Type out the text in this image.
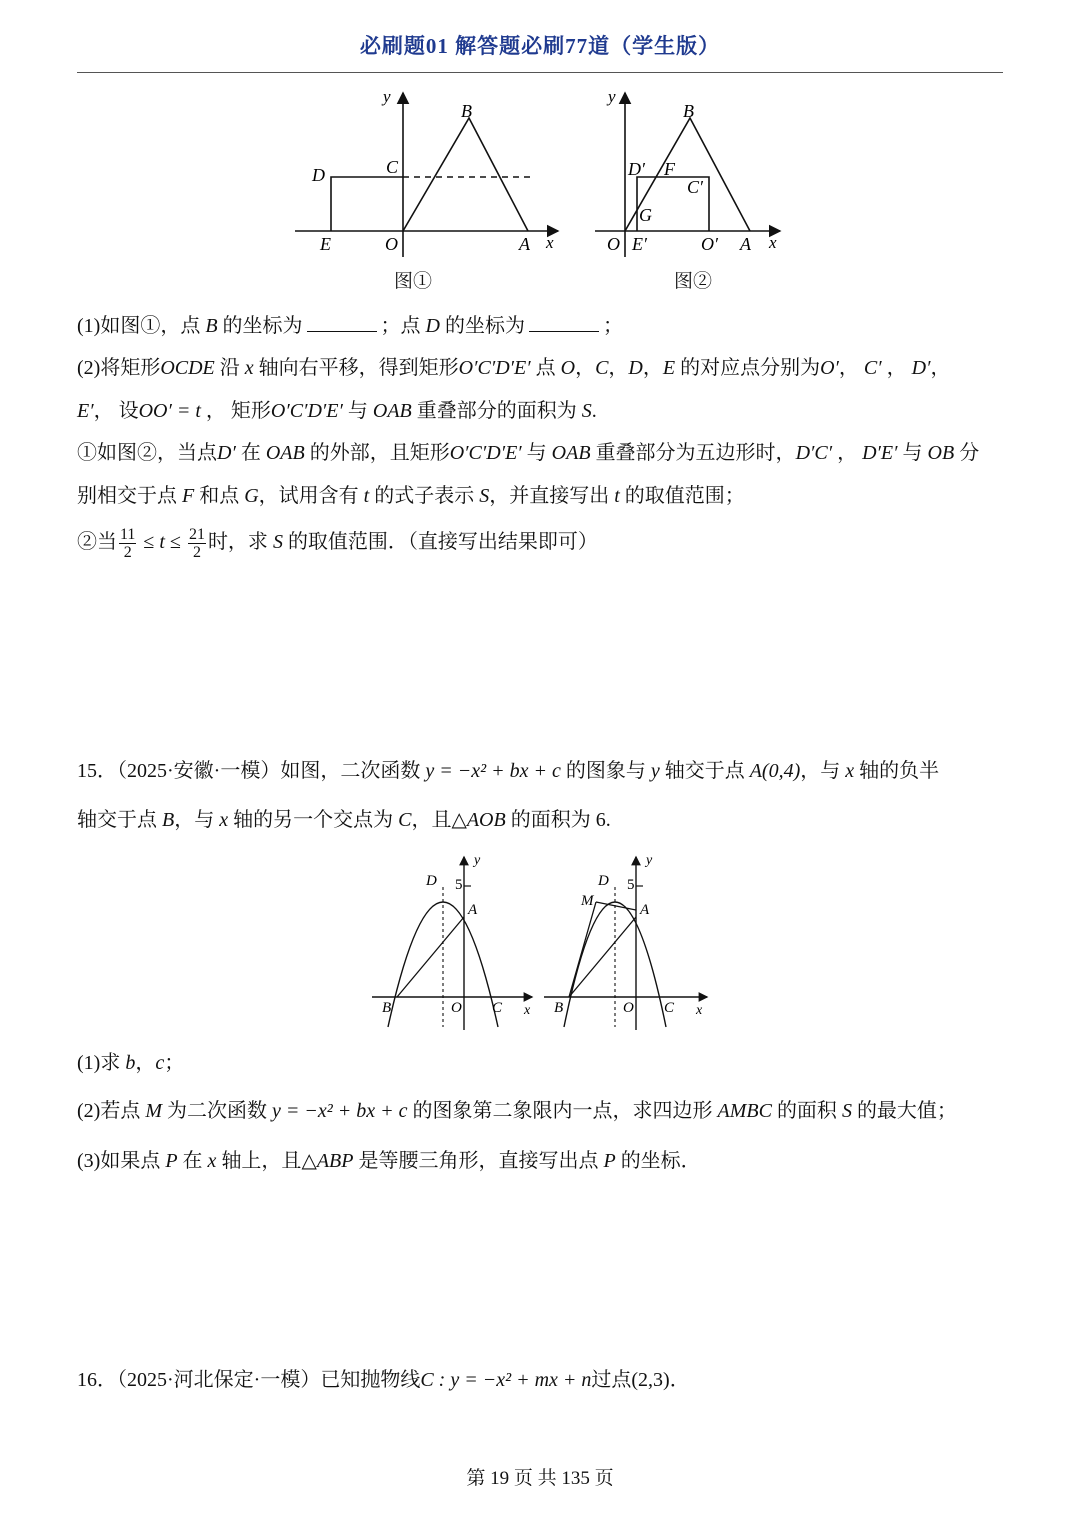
必刷题01 解答题必刷77道（学生版）
y
B
C
D
E	O	A x
图①
y
B
D′ F
C′
G
O E′	O′ A x
图②
(1)如图①，点 B 的坐标为	；点 D 的坐标为	；
(2)将矩形OCDE 沿 x 轴向右平移，得到矩形O′C′D′E′ 点 O，C，D，E 的对应点分别为O′， C′ ， D′，
E′， 设OO′ = t ， 矩形O′C′D′E′ 与 OAB 重叠部分的面积为 S.
①如图②，当点D′ 在 OAB 的外部，且矩形O′C′D′E′ 与 OAB 重叠部分为五边形时，D′C′ ， D′E′ 与 OB 分
别相交于点 F 和点 G，试用含有 t 的式子表示 S，并直接写出 t 的取值范围；
②当 $\frac{11}{2} \le t \le \frac{21}{2}$ 时，求 S 的取值范围．（直接写出结果即可）
15．（2025·安徽·一模）如图，二次函数 y = −x² + bx + c 的图象与 y 轴交于点 A(0,4)，与 x 轴的负半
轴交于点 B，与 x 轴的另一个交点为 C，且△AOB 的面积为 6.
D 5
y
A
B	O C x
D 5
y
M
A
B	O C x
(1)求 b，c；
(2)若点 M 为二次函数 y = −x² + bx + c 的图象第二象限内一点，求四边形 AMBC 的面积 S 的最大值；
(3)如果点 P 在 x 轴上，且△ABP 是等腰三角形，直接写出点 P 的坐标．
16．（2025·河北保定·一模）已知抛物线C : y = −x² + mx + n过点(2,3)．
第 19 页 共 135 页
